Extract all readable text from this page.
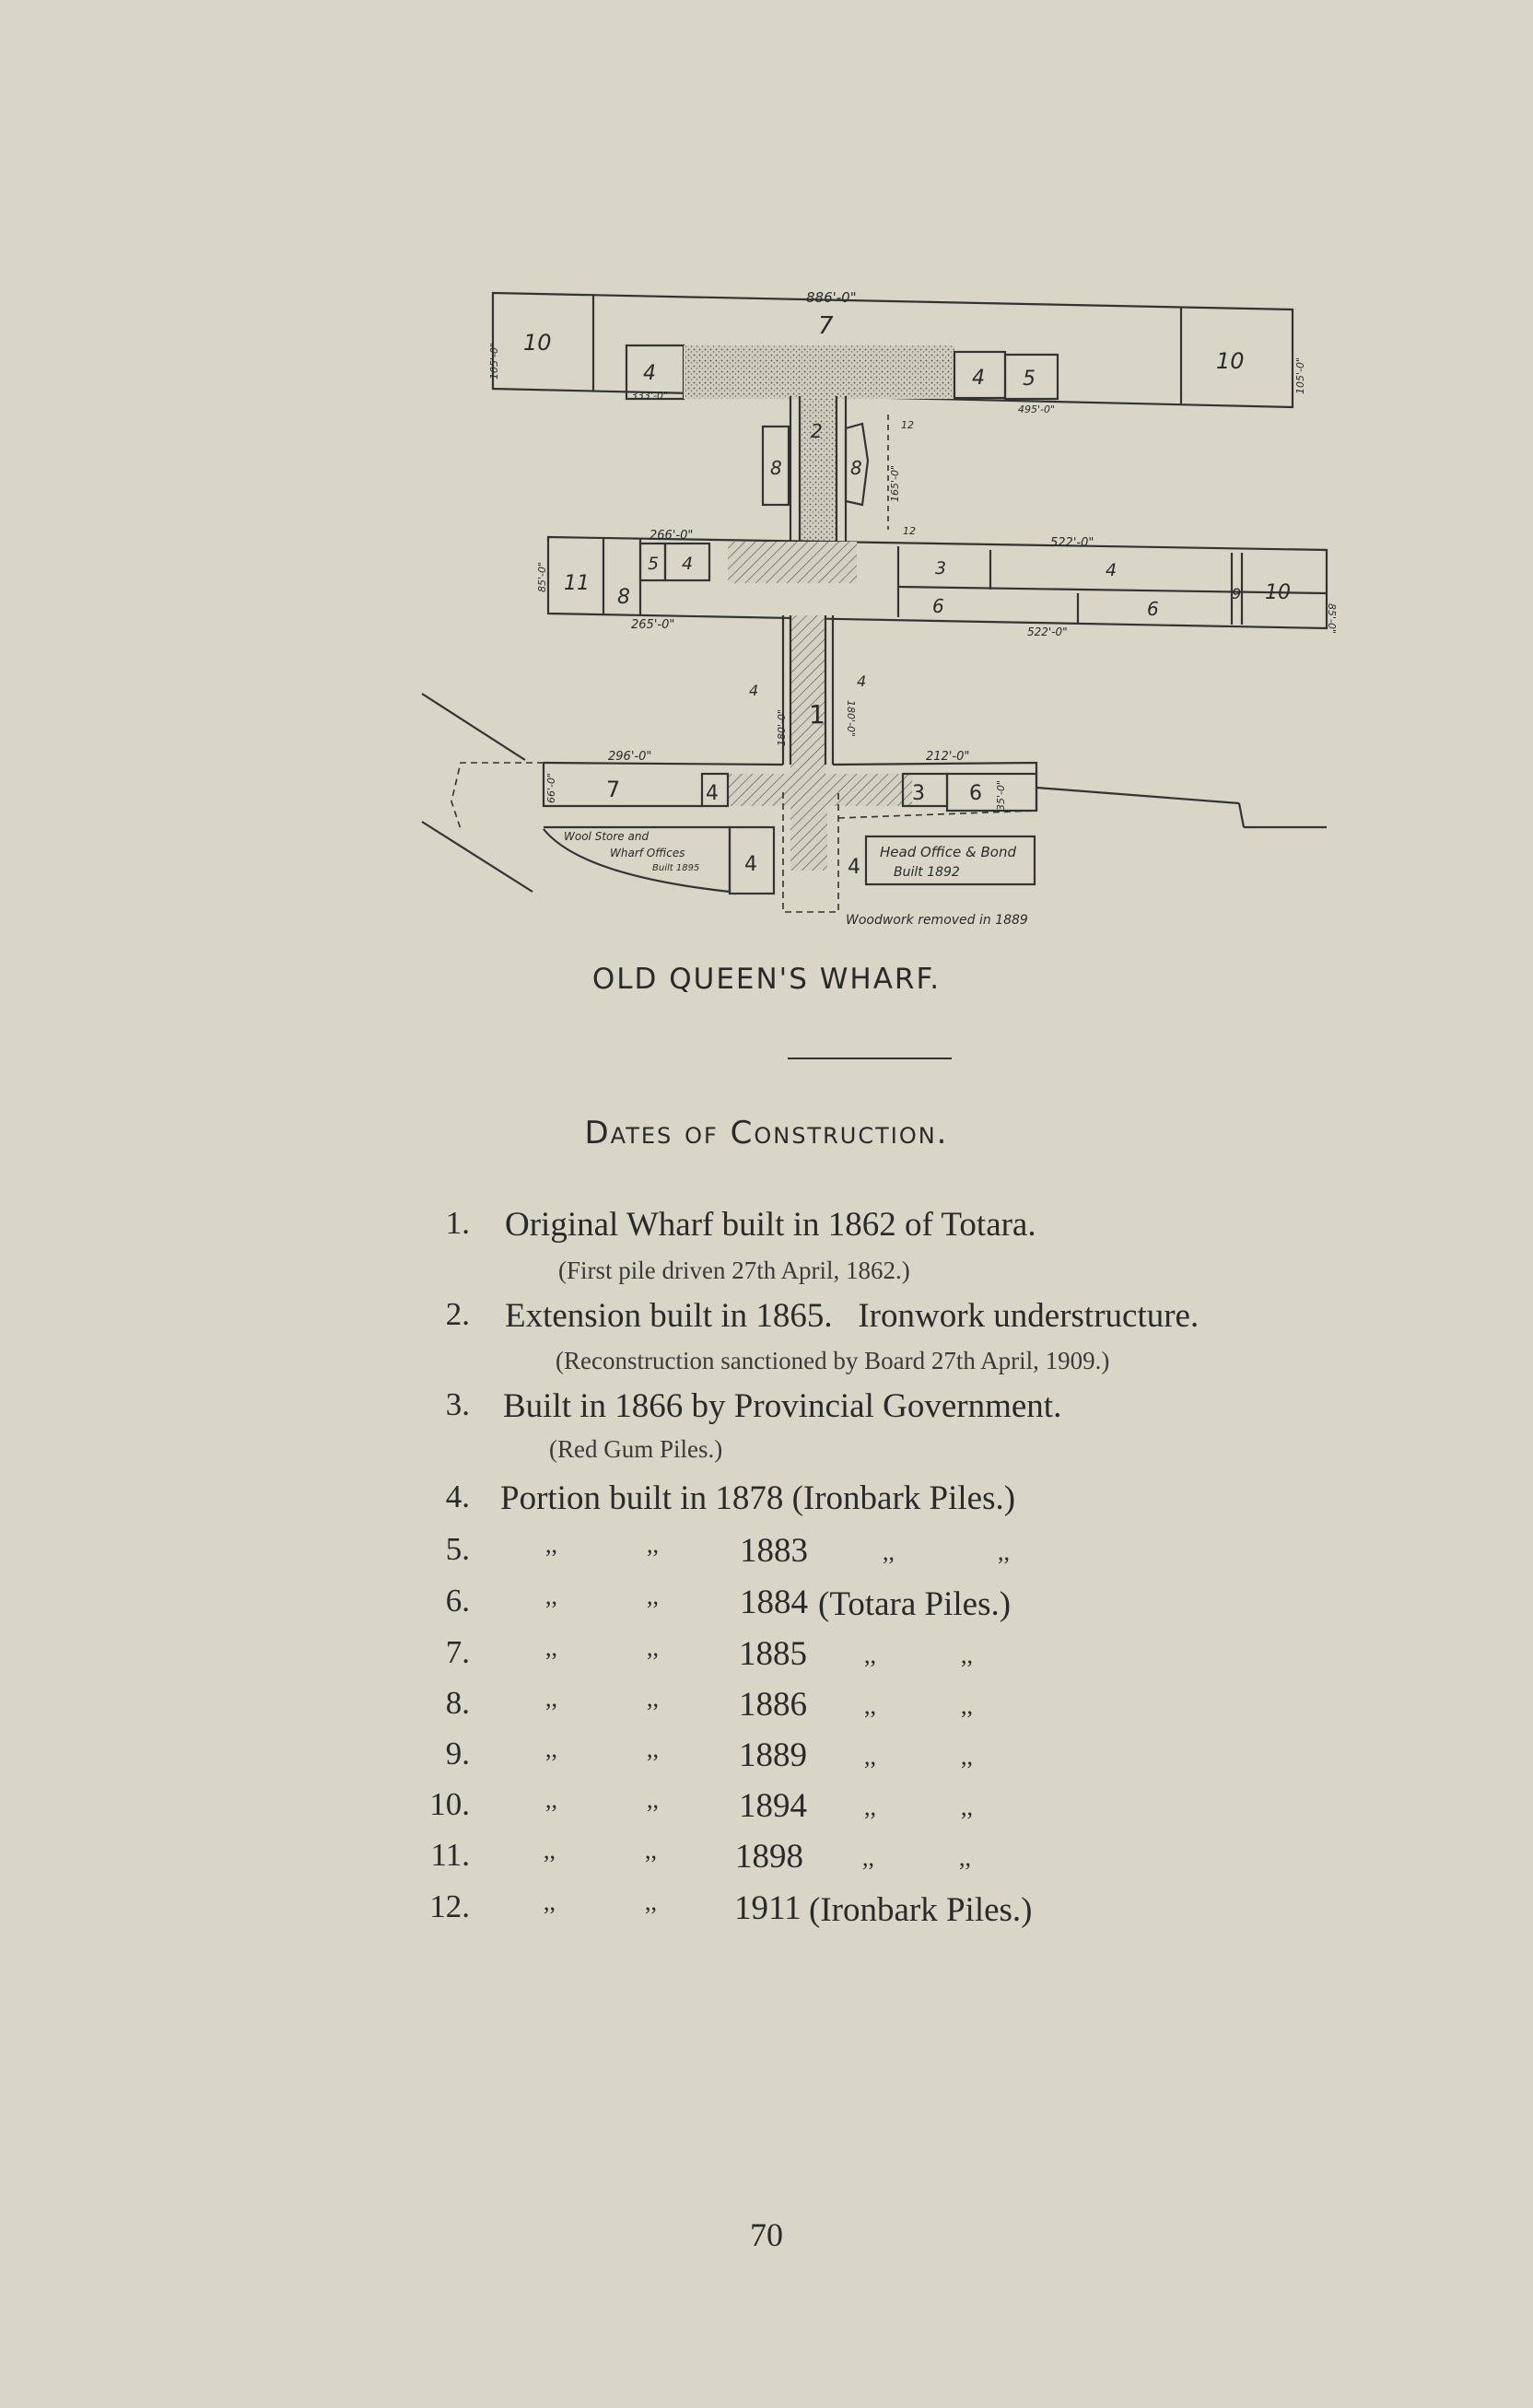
886'-0"
105'-0"	105'-0"
333'-0"
495'-0"
165'-0"
12
12
266'-0"
522'-0"
522'-0"
265'-0"
85'-0"
85'-0"
180'-0"	180'-0"
296'-0"	212'-0"
66'-0"	35'-0"
10
7
10
4	4 5
2
8	8
11
8
5 4	3	4
6	6
9 10
1
4
4
7	4	3 6
4	4
Wool Store and
Wharf Offices
Built 1895
Head Office & Bond
Built 1892
Woodwork removed in 1889
OLD QUEEN'S WHARF.
Dates of Construction.
1. Original Wharf built in 1862 of Totara.
(First pile driven 27th April, 1862.)
2. Extension built in 1865.   Ironwork understructure.
(Reconstruction sanctioned by Board 27th April, 1909.)
3. Built in 1866 by Provincial Government.
(Red Gum Piles.)
4. Portion built in 1878 (Ironbark Piles.)
5.	,,	,, 1883	,,	,,
6.	,,	,, 1884 (Totara Piles.)
7.	,,	,, 1885 ,,	,,
8.	,,	,, 1886 ,,	,,
9.	,,	,, 1889 ,,	,,
10.	,,	,, 1894 ,,	,,
11.	,,	,, 1898 ,,	,,
12.	,,	,, 1911 (Ironbark Piles.)
70
